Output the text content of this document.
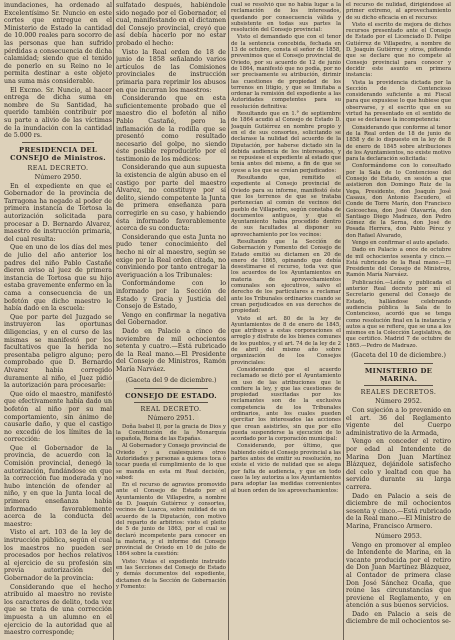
inundaciones, ha ordenado al Excelentísimo Sr. Nuncio en este cortes que entregue en el Ministerio de Estado la cantidad de 10.000 reales para socorro de las personas que han sufrido pérdidas a consecuencia de dicha calamidad; siendo que el tenido de ponerlo en su Reino no le permita destinar a este objeto una suma más considerable.

El Excmo. Sr. Nuncio, al hacer entrega de dicha suma en nombre de Su Santidad, ha querido también contribuir por su parte a alivio de las víctimas de la inundación con la cantidad de 5.000 rs.

PRESIDENCIA DEL CONSEJO de Ministros.

REAL DECRETO.

Número 2950.

En el expediente en que el Gobernador de la provincia de Tarragona ha negado al poder de primera instancia de Tortosa la autorización solicitada para procesar a D. Bernardo Alvarez, maestro de instrucción primaria, del cual resulta:

Que en uno de los días del mes de julio del año anterior los padres del niño Pablo Castañé dieron aviso al juez de primera instancia de Tortosa que su hijo estaba gravemente enfermo en la cama a consecuencia de un bofetón que dicho maestro le había dado en la escuela:

Que por parte del Juzgado se instruyeron las oportunas diligencias, y en el curso de las mismas se manifestó por los facultativos que la herida no presentaba peligro alguno; pero comprobado que D. Bernardo Alvarez había corregido duramente al niño, el Juez pidió la autorización para procesarle:

Que oído el maestro, manifestó que efectivamente había dado un bofetón al niño por su mal comportamiento, sin ánimo de causarle daño, y que el castigo no excedió de los límites de la corrección:

Que el Gobernador de la provincia, de acuerdo con la Comisión provincial, denegó la autorización, fundándose en que la corrección fue moderada y no hubo intención de ofender al niño, y en que la Junta local de primera enseñanza había informado favorablemente acerca de la conducta del maestro:

Visto el art. 103 de la ley de instrucción pública, según el cual los maestros no pueden ser procesados por hechos relativos al ejercicio de su profesión sin previa autorización del Gobernador de la provincia:

Considerando que el hecho atribuido al maestro no reviste los caracteres de delito, toda vez que se trata de una corrección impuesta a un alumno en el ejercicio de la autoridad que al maestro corresponde;

sulfatado después, habiéndole sido negado por el Gobernador, el cual, manifestando en el dictamen del Consejo provincial, creyó que así debía hacerlo por no estar probado el hecho:

Visto la Real orden de 18 de junio de 1858 señalando varios artículos de las Comisiones provinciales de instrucción primaria para reprimir los abusos en que incurran los maestros:

Considerando que en esta suficientemente probado que el maestro dio el bofetón al niño Pablo Castañé, pero la inflamación de la rodilla que se presentó como resultado necesario del golpe, no siendo éste posible reproducirlo por el testimonio de los médicos:

Considerando que aun supuesta la existencia de algún abuso en el castigo por parte del maestro Alvarez, no constituye por sí delito, siendo competente la Junta de primera enseñanza para corregirle en su caso, y habiendo ésta informado favorablemente acerca de su conducta:

Considerando que esta Junta no pudo tener conocimiento del hecho ni oír al maestro, según se exige por la Real orden citada, no conviniendo por tanto entregar la averiguación a los Tribunales:

Conformándome con lo informado por la Sección de Estado y Gracia y Justicia del Consejo de Estado,

Vengo en confirmar la negativa del Gobernador.

Dado en Palacio a cinco de noviembre de mil ochocientos setenta y cuatro.—Está rubricado de la Real mano.—El Presidente del Consejo de Ministros, Ramón María Narváez.

(Gaceta del 9 de diciembre.)

CONSEJO DE ESTADO.

REAL DECRETO.

Número 2951.

Doña Isabel II, por la gracia de Dios y la Constitución de la Monarquía española, Reina de las Españas.

Al Gobernador y Consejo provincial de Oviedo y a cualesquiera otros Autoridades y personas a quienes toca ó tocar pueda el cumplimiento de lo que se manda en esta mi Real decisión, sabed:

En el recurso de agravios promovido ante el Consejo de Estado por el Ayuntamiento de Villapedre, a nombre de D. Joaquín Gutiérrez y consortes, vecinos de Luarca, sobre nulidad de un acuerdo de la Diputación, con motivo del reparto de arbitrios: visto el pleito de 5 de junio de 1863, por el cual se declaró incompetente para conocer en la materia, y el informe del Consejo provincial de Oviedo en 10 de julio de 1864 sobre la cuestión:

Visto: Vistas el expediente instruido en las Secciones del Consejo de Estado y demás documentos del expediente, dictamen de la Sección de Gobernación y Fomento:

cual se resolvió que no había lugar a la reclamación de los interesados, quedando por consecuencia válida y subsistente en todas sus partes la resolución del Consejo provincial:

Visto el demandado que con el tenor de la sentencia concebida, fechada en 13 de octubre, consta el señor de 1858, prevenimos que el Consejo provincial de Oviedo, por su acuerdo de 12 de junio de 1864, manifestó que no podía, por no ser precisamente su atribución, dirimir las cuestiones de propiedad de los terrenos en litigio, y que se limitaba a ordenar la remisión del expediente a las Autoridades competentes para su resolución definitiva:

Resultando que en 1.° de septiembre de 1864 acudió al Consejo de Estado D. Joaquín Gutiérrez en nombre propio y en el de sus consortes, solicitando se declarase la nulidad del acuerdo de la Diputación, por haberse dictado sin la debida audiencia de los interesados, y se repusiese el expediente al estado que tenía antes del mismo, a fin de que se oyese a los que se creían perjudicados:

Resultando que, remitido el expediente al Consejo provincial de Oviedo para su informe, manifestó éste que los terrenos de que se trataba pertenecían al común de vecinos del pueblo de Villapedre, según constaba de documentos antiguos, y que el Ayuntamiento había procedido dentro de sus facultades al disponer su aprovechamiento por los vecinos:

Resultando que la Sección de Gobernación y Fomento del Consejo de Estado emitió su dictamen en 20 de enero de 1865, opinando que debía desestimarse el recurso, toda vez que los acuerdos de los Ayuntamientos en materia de aprovechamientos comunales son ejecutivos, salvo el derecho de los particulares a reclamar ante los Tribunales ordinarios cuando se crean perjudicados en sus derechos de propiedad:

Visto el art. 80 de la ley de Ayuntamientos de 8 de enero de 1845, que atribuye a estas corporaciones el arreglo y disfrute de los bienes comunes de los pueblos, y el art. 74 de la ley de 2 de abril del mismo año sobre organización de los Consejos provinciales:

Considerando que el acuerdo reclamado se dictó por el Ayuntamiento en uso de las atribuciones que le confiere la ley, y que las cuestiones de propiedad suscitadas por los reclamantes son de la exclusiva competencia de los Tribunales ordinarios, ante los cuales pueden ejercitar los interesados las acciones que crean asistirles, sin que por ello pueda suspenderse la ejecución de lo acordado por la corporación municipal:

Considerando, por último, que habiendo oído el Consejo provincial a las partes antes de emitir su resolución, no existe el vicio de nulidad que se alega por falta de audiencia, y que en todo caso la ley autoriza a los Ayuntamientos para adoptar las medidas convenientes al buen orden de los aprovechamientos:

el recurso de nulidad, dirigiéndose al primer extremo, al aprovechamiento de su dicho eficacia en el recurso:

Visto el escrito de mejora de dichos recursos presentado ante el Consejo de Estado por el Licenciado D. Felipe Gutiérrez de Villapedre, a nombre de D. Joaquín Gutiérrez y otros, pidiendo que se declare que no compete al Consejo provincial para conocer y decidir este asunto en primera instancia:

Vista la providencia dictada por la Sección de lo Contencioso considerando suficiente a mi Fiscal para que expusiese lo que hubiese que observarse, y el escrito que en su virtud ha presentado en el sentido de que se declarase la incompetencia:

Considerando que conforme al tenor de la Real orden de 18 de junio de 1858 y de lo dispuesto en la ley de 8 de enero de 1845 sobre atribuciones de los Ayuntamientos, no existe motivo para la declaración solicitada:

Conformándome con lo consultado por la Sala de lo Contencioso del Consejo de Estado, en sesión a que asistieron don Domingo Ruiz de la Vega, Presidente, don Joaquín José Casaus, don Antonio Escudero, el Conde de Torre Marín, don Francisco Goicoechea, don José Olavarría, don Santiago Diego Madrazo, don Pedro Gómez de la Serna, don José de Posada Herrera, don Pablo Pérez y don Rafael Alvarado,

Vengo en confirmar el auto apelado.

Dado en Palacio a once de octubre de mil ochocientos sesenta y cinco.—Está rubricado de la Real mano.—El Presidente del Consejo de Ministros, Ramón María Narváez.

Publicación.—Leída y publicada el anterior Real decreto por mí el Secretario general del Consejo de Estado, hallándose celebrando audiencia pública la Sala de lo Contencioso, acordó que se tenga como resolución final en la instancia y autos a que se refiere, que se una a los mismos en la Colección Legislativa, de que certifico. Madrid 7 de octubre de 1865.—Pedro de Madrazo.

(Gaceta del 10 de diciembre.)

MINISTERIO DE MARINA.

REALES DECRETOS.

Número 2952.

Con sujeción a lo prevenido en el art. 36 del Reglamento vigente del Cuerpo administrativo de la Armada,

Vengo en conceder el retiro por edad al Intendente de Marina Don Juan Martínez Blázquez, dejándole satisfecho del celo y lealtad con que ha servido durante su larga carrera.

Dado en Palacio a seis de diciembre de mil ochocientos sesenta y cinco.—Está rubricado de la Real mano.—El Ministro de Marina, Francisco Armero.

Número 2953.

Vengo en promover al empleo de Intendente de Marina, en la vacante producida por el retiro de Don Juan Martínez Blázquez, al Contador de primera clase Don José Sánchez Ocaña, que reúne las circunstancias que previene el Reglamento, y en atención a sus buenos servicios.

Dado en Palacio a seis de diciembre de mil ochocientos se-
